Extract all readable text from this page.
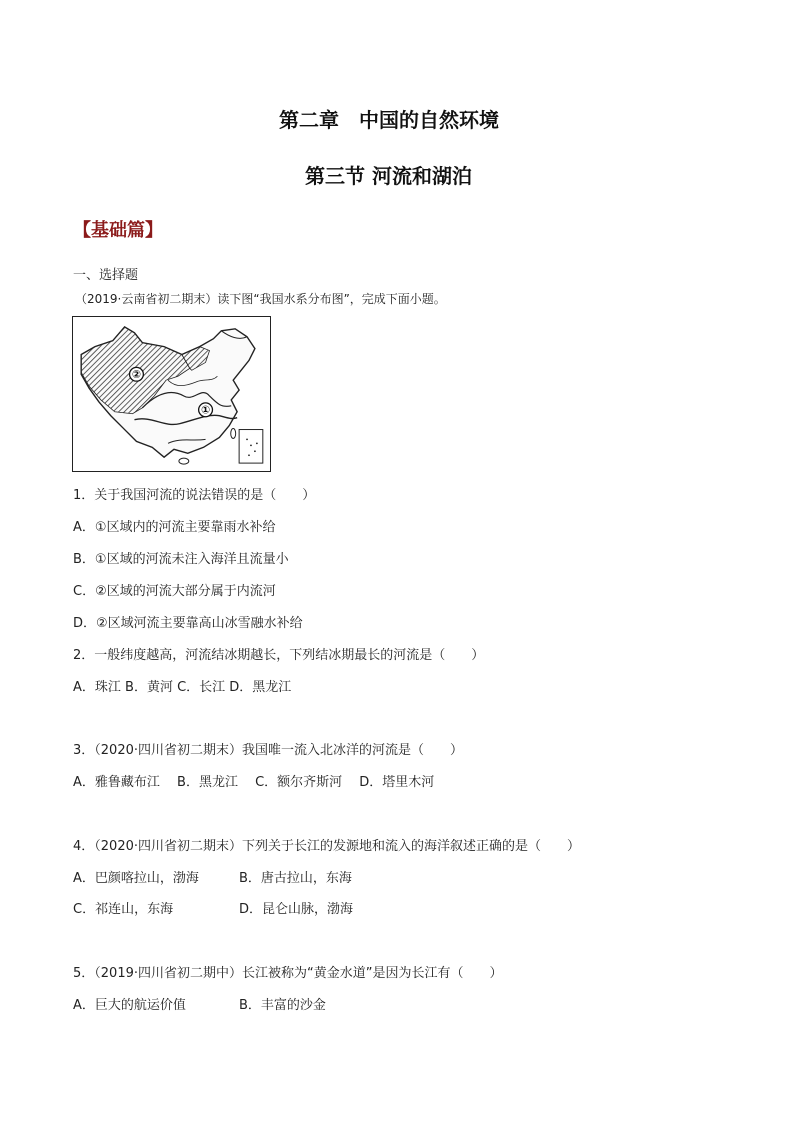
第二章　中国的自然环境
第三节 河流和湖泊
【基础篇】
一、选择题
（2019·云南省初二期末）读下图“我国水系分布图”，完成下面小题。
②
①
1．关于我国河流的说法错误的是（　　）
A．①区域内的河流主要靠雨水补给
B．①区域的河流未注入海洋且流量小
C．②区域的河流大部分属于内流河
D．②区域河流主要靠高山冰雪融水补给
2．一般纬度越高，河流结冰期越长，下列结冰期最长的河流是（　　）
A．珠江 B．黄河 C．长江 D．黑龙江
3．（2020·四川省初二期末）我国唯一流入北冰洋的河流是（　　）
A．雅鲁藏布江　 B．黑龙江　 C．额尔齐斯河　 D．塔里木河
4．（2020·四川省初二期末）下列关于长江的发源地和流入的海洋叙述正确的是（　　）
A．巴颜喀拉山，渤海	B．唐古拉山，东海
C．祁连山，东海	D．昆仑山脉，渤海
5．（2019·四川省初二期中）长江被称为“黄金水道”是因为长江有（　　）
A．巨大的航运价值	B．丰富的沙金
